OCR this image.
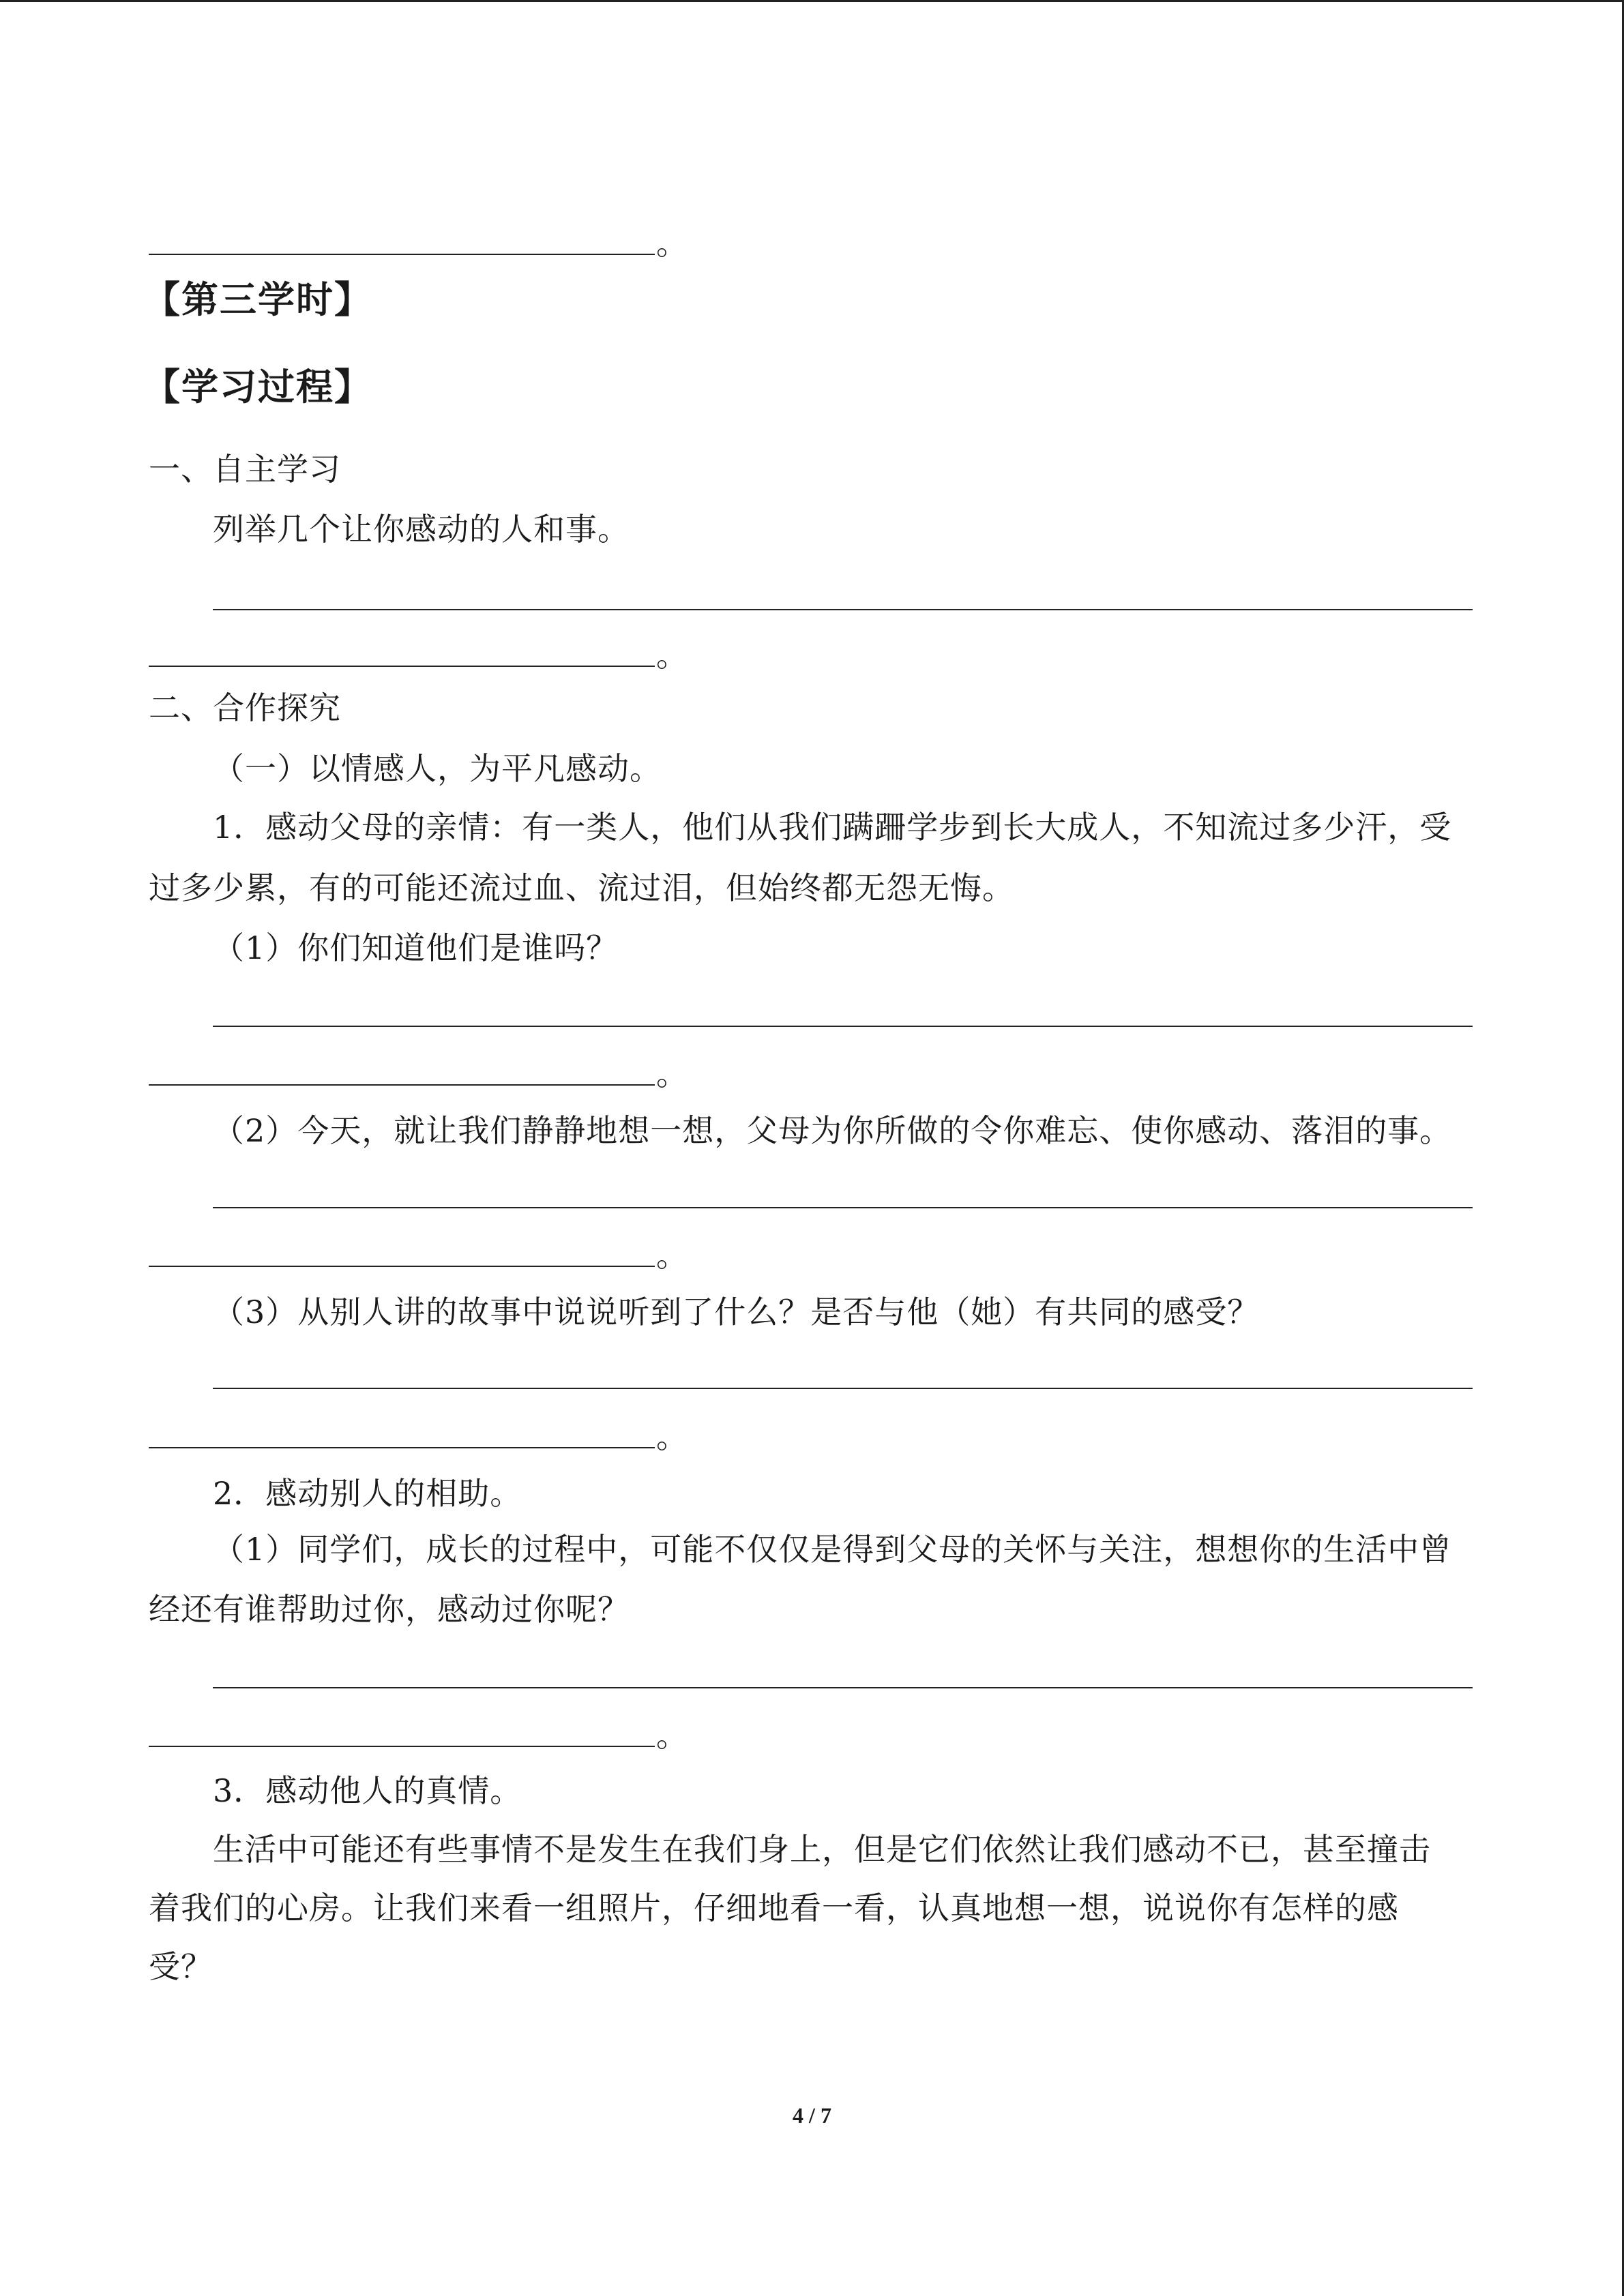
。
【第三学时】
【学习过程】
一、自主学习
列举几个让你感动的人和事。
。
二、合作探究
（一）以情感人，为平凡感动。
1．感动父母的亲情：有一类人，他们从我们蹒跚学步到长大成人，不知流过多少汗，受
过多少累，有的可能还流过血、流过泪，但始终都无怨无悔。
（1）你们知道他们是谁吗？
。
（2）今天，就让我们静静地想一想，父母为你所做的令你难忘、使你感动、落泪的事。
。
（3）从别人讲的故事中说说听到了什么？是否与他（她）有共同的感受？
。
2．感动别人的相助。
（1）同学们，成长的过程中，可能不仅仅是得到父母的关怀与关注，想想你的生活中曾
经还有谁帮助过你，感动过你呢？
。
3．感动他人的真情。
生活中可能还有些事情不是发生在我们身上，但是它们依然让我们感动不已，甚至撞击
着我们的心房。让我们来看一组照片，仔细地看一看，认真地想一想，说说你有怎样的感
受？
4 / 7
